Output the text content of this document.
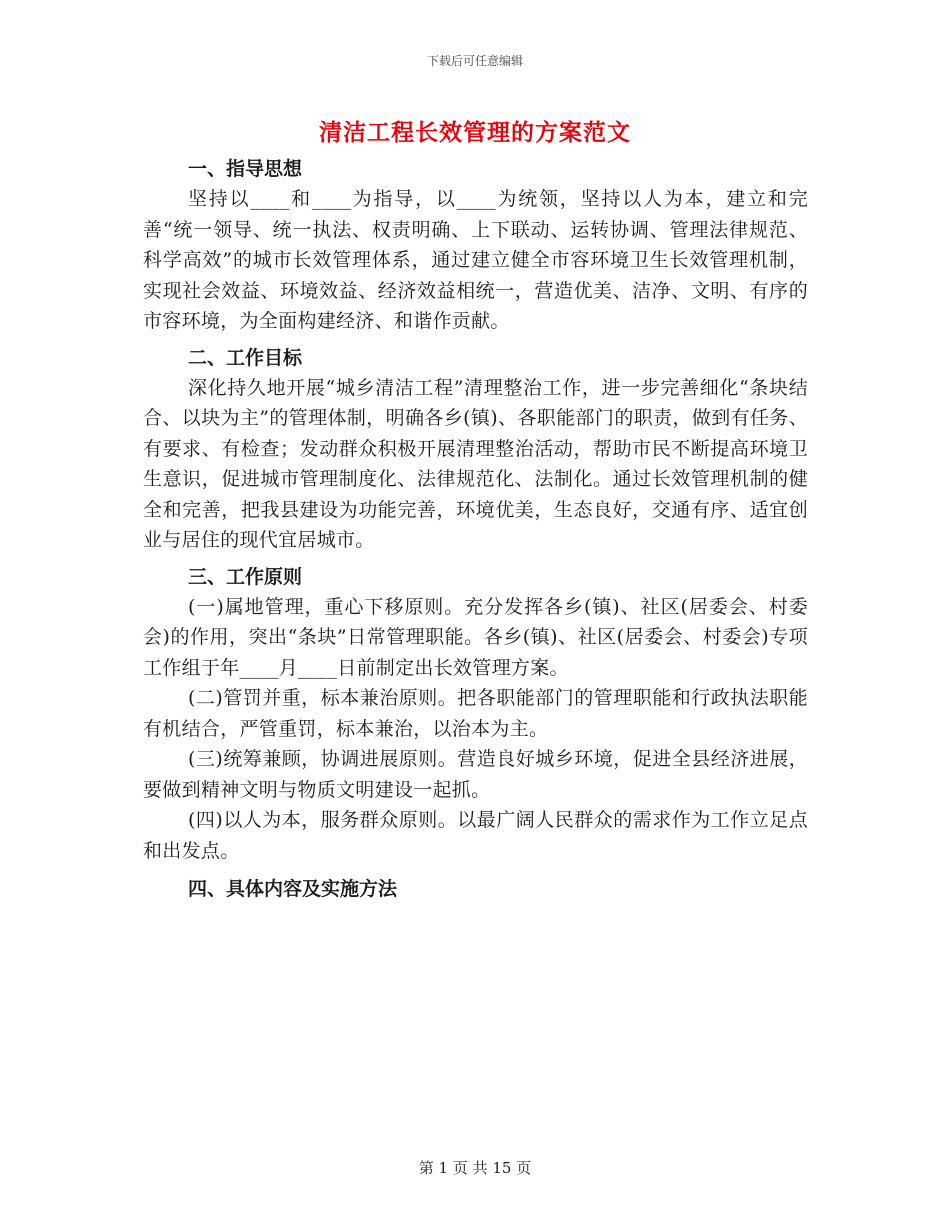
下载后可任意编辑
清洁工程长效管理的方案范文

一、指导思想

坚持以____和____为指导，以____为统领，坚持以人为本，建立和完善“统一领导、统一执法、权责明确、上下联动、运转协调、管理法律规范、科学高效”的城市长效管理体系，通过建立健全市容环境卫生长效管理机制，实现社会效益、环境效益、经济效益相统一，营造优美、洁净、文明、有序的市容环境，为全面构建经济、和谐作贡献。

二、工作目标

深化持久地开展“城乡清洁工程”清理整治工作，进一步完善细化“条块结合、以块为主”的管理体制，明确各乡(镇)、各职能部门的职责，做到有任务、有要求、有检查；发动群众积极开展清理整治活动，帮助市民不断提高环境卫生意识，促进城市管理制度化、法律规范化、法制化。通过长效管理机制的健全和完善，把我县建设为功能完善，环境优美，生态良好，交通有序、适宜创业与居住的现代宜居城市。

三、工作原则

(一)属地管理，重心下移原则。充分发挥各乡(镇)、社区(居委会、村委会)的作用，突出“条块”日常管理职能。各乡(镇)、社区(居委会、村委会)专项工作组于年____月____日前制定出长效管理方案。

(二)管罚并重，标本兼治原则。把各职能部门的管理职能和行政执法职能有机结合，严管重罚，标本兼治，以治本为主。

(三)统筹兼顾，协调进展原则。营造良好城乡环境，促进全县经济进展，要做到精神文明与物质文明建设一起抓。

(四)以人为本，服务群众原则。以最广阔人民群众的需求作为工作立足点和出发点。

四、具体内容及实施方法

第 1 页 共 15 页
